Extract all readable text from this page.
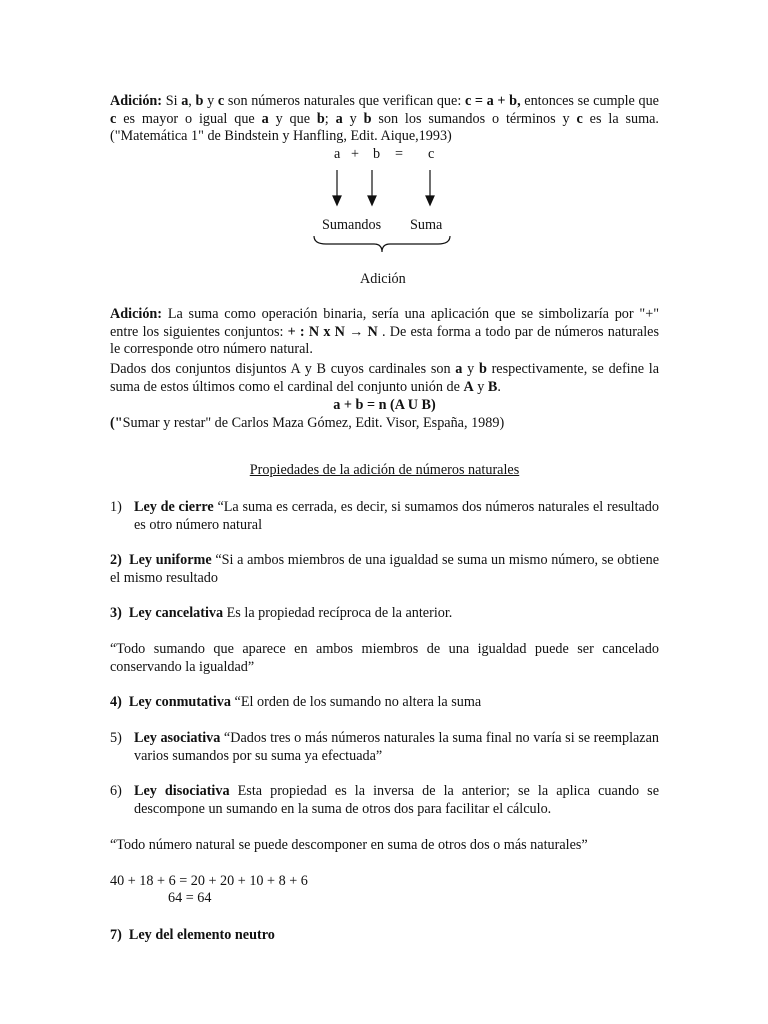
Adición: Si a, b y c son números naturales que verifican que: c = a + b, entonces se cumple que c es mayor o igual que a y que b; a y b son los sumandos o términos y c es la suma. ("Matemática 1" de Bindstein y Hanfling, Edit. Aique,1993)

a + b = c
Sumandos Suma
Adición

Adición: La suma como operación binaria, sería una aplicación que se simbolizaría por "+" entre los siguientes conjuntos: + : N x N → N . De esta forma a todo par de números naturales le corresponde otro número natural.

Dados dos conjuntos disjuntos A y B cuyos cardinales son a y b respectivamente, se define la suma de estos últimos como el cardinal del conjunto unión de A y B.

a + b = n (A U B)

("Sumar y restar" de Carlos Maza Gómez, Edit. Visor, España, 1989)

Propiedades de la adición de números naturales

1) Ley de cierre “La suma es cerrada, es decir, si sumamos dos números naturales el resultado es otro número natural

2) Ley uniforme “Si a ambos miembros de una igualdad se suma un mismo número, se obtiene el mismo resultado

3) Ley cancelativa Es la propiedad recíproca de la anterior.

“Todo sumando que aparece en ambos miembros de una igualdad puede ser cancelado conservando la igualdad”

4) Ley conmutativa “El orden de los sumando no altera la suma

5) Ley asociativa “Dados tres o más números naturales la suma final no varía si se reemplazan varios sumandos por su suma ya efectuada”

6) Ley disociativa Esta propiedad es la inversa de la anterior; se la aplica cuando se descompone un sumando en la suma de otros dos para facilitar el cálculo.

“Todo número natural se puede descomponer en suma de otros dos o más naturales”

40 + 18 + 6 = 20 + 20 + 10 + 8 + 6

64 = 64

7) Ley del elemento neutro
